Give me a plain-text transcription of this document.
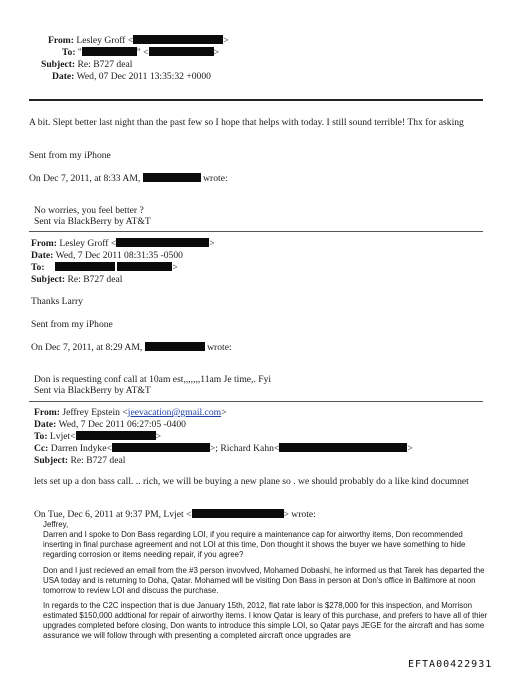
From: Lesley Groff <	>
To: "	" <	>
Subject: Re: B727 deal
Date: Wed, 07 Dec 2011 13:35:32 +0000
A bit. Slept better last night than the past few so I hope that helps with today. I still sound terrible! Thx for asking
Sent from my iPhone
On Dec 7, 2011, at 8:33 AM,	wrote:
No worries, you feel better ?
Sent via BlackBerry by AT&T
From: Lesley Groff <	>
Date: Wed, 7 Dec 2011 08:31:35 -0500
To:	>
Subject: Re: B727 deal
Thanks Larry
Sent from my iPhone
On Dec 7, 2011, at 8:29 AM,	wrote:
Don is requesting conf call at 10am est,,,,,,,11am Je time,. Fyi
Sent via BlackBerry by AT&T
From: Jeffrey Epstein <jeevacation@gmail.com>
Date: Wed, 7 Dec 2011 06:27:05 -0400
To: Lvjet<	>
Cc: Darren Indyke<	>; Richard Kahn<	>
Subject: Re: B727 deal
lets set up a don bass call. .. rich, we will be buying a new plane so . we should probably do a like kind documnet
On Tue, Dec 6, 2011 at 9:37 PM, Lvjet <	> wrote:
Jeffrey,
Darren and I spoke to Don Bass regarding LOI, if you require a maintenance cap for airworthy items, Don recommended inserting in final purchase agreement and not LOI at this time, Don thought it shows the buyer we have something to hide regarding corrosion or items needing repair, if you agree?
Don and I just recieved an email from the #3 person invovlved, Mohamed Dobashi, he informed us that Tarek has departed the USA today and is returning to Doha, Qatar. Mohamed will be visiting Don Bass in person at Don's office in Baltimore at noon tomorrow to review LOI and discuss the purchase.
In regards to the C2C inspection that is due January 15th, 2012, flat rate labor is $278,000 for this inspection, and Morrison estimated $150,000 addtional for repair of airworthy items. I know Qatar is leary of this purchase, and prefers to have all of thier upgrades completed before closing, Don wants to introduce this simple LOI, so Qatar pays JEGE for the aircraft and has some assurance we will follow through with presenting a completed aircraft once upgrades are
EFTA00422931
